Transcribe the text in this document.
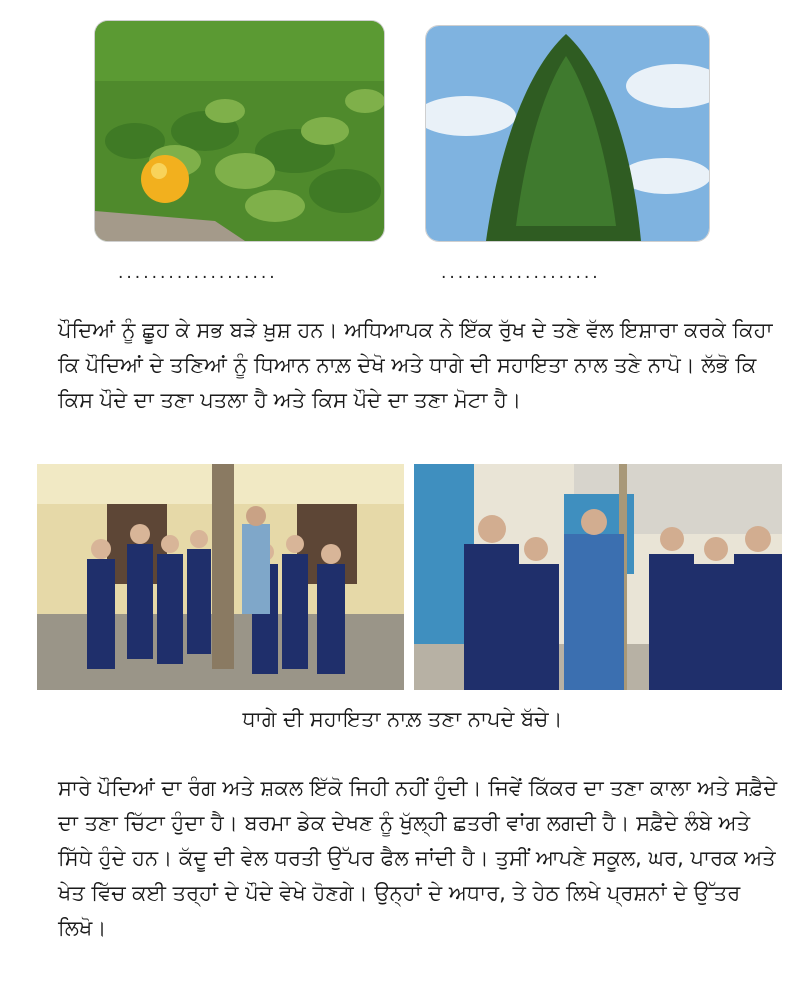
...................	...................

ਪੌਦਿਆਂ ਨੂੰ ਛੂਹ ਕੇ ਸਭ ਬੜੇ ਖ਼ੁਸ਼ ਹਨ। ਅਧਿਆਪਕ ਨੇ ਇੱਕ ਰੁੱਖ ਦੇ ਤਣੇ ਵੱਲ ਇਸ਼ਾਰਾ ਕਰਕੇ ਕਿਹਾ ਕਿ ਪੌਦਿਆਂ ਦੇ ਤਣਿਆਂ ਨੂੰ ਧਿਆਨ ਨਾਲ਼ ਦੇਖੋ ਅਤੇ ਧਾਗੇ ਦੀ ਸਹਾਇਤਾ ਨਾਲ ਤਣੇ ਨਾਪੋ। ਲੱਭੋ ਕਿ ਕਿਸ ਪੌਦੇ ਦਾ ਤਣਾ ਪਤਲਾ ਹੈ ਅਤੇ ਕਿਸ ਪੌਦੇ ਦਾ ਤਣਾ ਮੋਟਾ ਹੈ।

ਧਾਗੇ ਦੀ ਸਹਾਇਤਾ ਨਾਲ਼ ਤਣਾ ਨਾਪਦੇ ਬੱਚੇ।

ਸਾਰੇ ਪੌਦਿਆਂ ਦਾ ਰੰਗ ਅਤੇ ਸ਼ਕਲ ਇੱਕੋ ਜਿਹੀ ਨਹੀਂ ਹੁੰਦੀ। ਜਿਵੇਂ ਕਿੱਕਰ ਦਾ ਤਣਾ ਕਾਲਾ ਅਤੇ ਸਫ਼ੈਦੇ ਦਾ ਤਣਾ ਚਿੱਟਾ ਹੁੰਦਾ ਹੈ। ਬਰਮਾ ਡੇਕ ਦੇਖਣ ਨੂੰ ਖੁੱਲ੍ਹੀ ਛਤਰੀ ਵਾਂਗ ਲਗਦੀ ਹੈ। ਸਫ਼ੈਦੇ ਲੰਬੇ ਅਤੇ ਸਿੱਧੇ ਹੁੰਦੇ ਹਨ। ਕੱਦੂ ਦੀ ਵੇਲ ਧਰਤੀ ਉੱਪਰ ਫੈਲ ਜਾਂਦੀ ਹੈ। ਤੁਸੀਂ ਆਪਣੇ ਸਕੂਲ, ਘਰ, ਪਾਰਕ ਅਤੇ ਖੇਤ ਵਿੱਚ ਕਈ ਤਰ੍ਹਾਂ ਦੇ ਪੌਦੇ ਵੇਖੇ ਹੋਣਗੇ। ਉਨ੍ਹਾਂ ਦੇ ਅਧਾਰ, ਤੇ ਹੇਠ ਲਿਖੇ ਪ੍ਰਸ਼ਨਾਂ ਦੇ ਉੱਤਰ ਲਿਖੋ।
